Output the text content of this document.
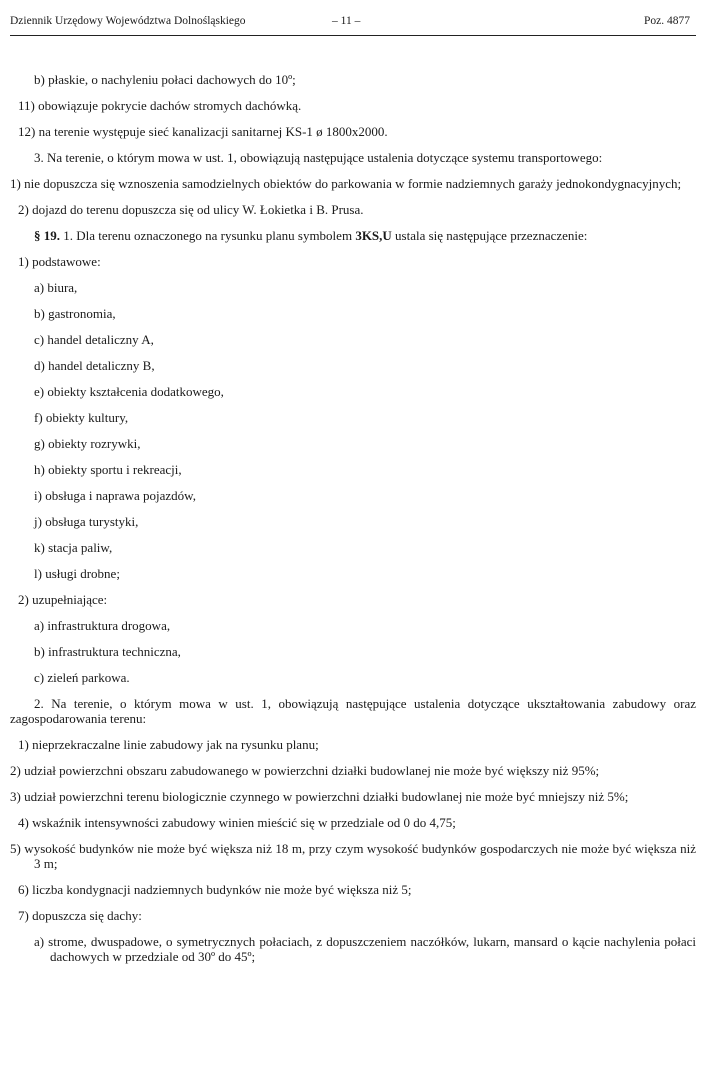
Dziennik Urzędowy Województwa Dolnośląskiego	– 11 –	Poz. 4877
b) płaskie, o nachyleniu połaci dachowych do 10º;
11) obowiązuje pokrycie dachów stromych dachówką.
12) na terenie występuje sieć kanalizacji sanitarnej KS-1 ø 1800x2000.
3. Na terenie, o którym mowa w ust. 1, obowiązują następujące ustalenia dotyczące systemu transportowego:
1) nie dopuszcza się wznoszenia samodzielnych obiektów do parkowania w formie nadziemnych garaży jednokondygnacyjnych;
2) dojazd do terenu dopuszcza się od ulicy W. Łokietka i B. Prusa.
§ 19. 1. Dla terenu oznaczonego na rysunku planu symbolem 3KS,U ustala się następujące przeznaczenie:
1) podstawowe:
a) biura,
b) gastronomia,
c) handel detaliczny A,
d) handel detaliczny B,
e) obiekty kształcenia dodatkowego,
f) obiekty kultury,
g) obiekty rozrywki,
h) obiekty sportu i rekreacji,
i) obsługa i naprawa pojazdów,
j) obsługa turystyki,
k) stacja paliw,
l) usługi drobne;
2) uzupełniające:
a) infrastruktura drogowa,
b) infrastruktura techniczna,
c) zieleń parkowa.
2. Na terenie, o którym mowa w ust. 1, obowiązują następujące ustalenia dotyczące ukształtowania zabudowy oraz zagospodarowania terenu:
1) nieprzekraczalne linie zabudowy jak na rysunku planu;
2) udział powierzchni obszaru zabudowanego w powierzchni działki budowlanej nie może być większy niż 95%;
3) udział powierzchni terenu biologicznie czynnego w powierzchni działki budowlanej nie może być mniejszy niż 5%;
4) wskaźnik intensywności zabudowy winien mieścić się w przedziale od 0 do 4,75;
5) wysokość budynków nie może być większa niż 18 m, przy czym wysokość budynków gospodarczych nie może być większa niż 3 m;
6) liczba kondygnacji nadziemnych budynków nie może być większa niż 5;
7) dopuszcza się dachy:
a) strome, dwuspadowe, o symetrycznych połaciach, z dopuszczeniem naczółków, lukarn, mansard o kącie nachylenia połaci dachowych w przedziale od 30º do 45º;
